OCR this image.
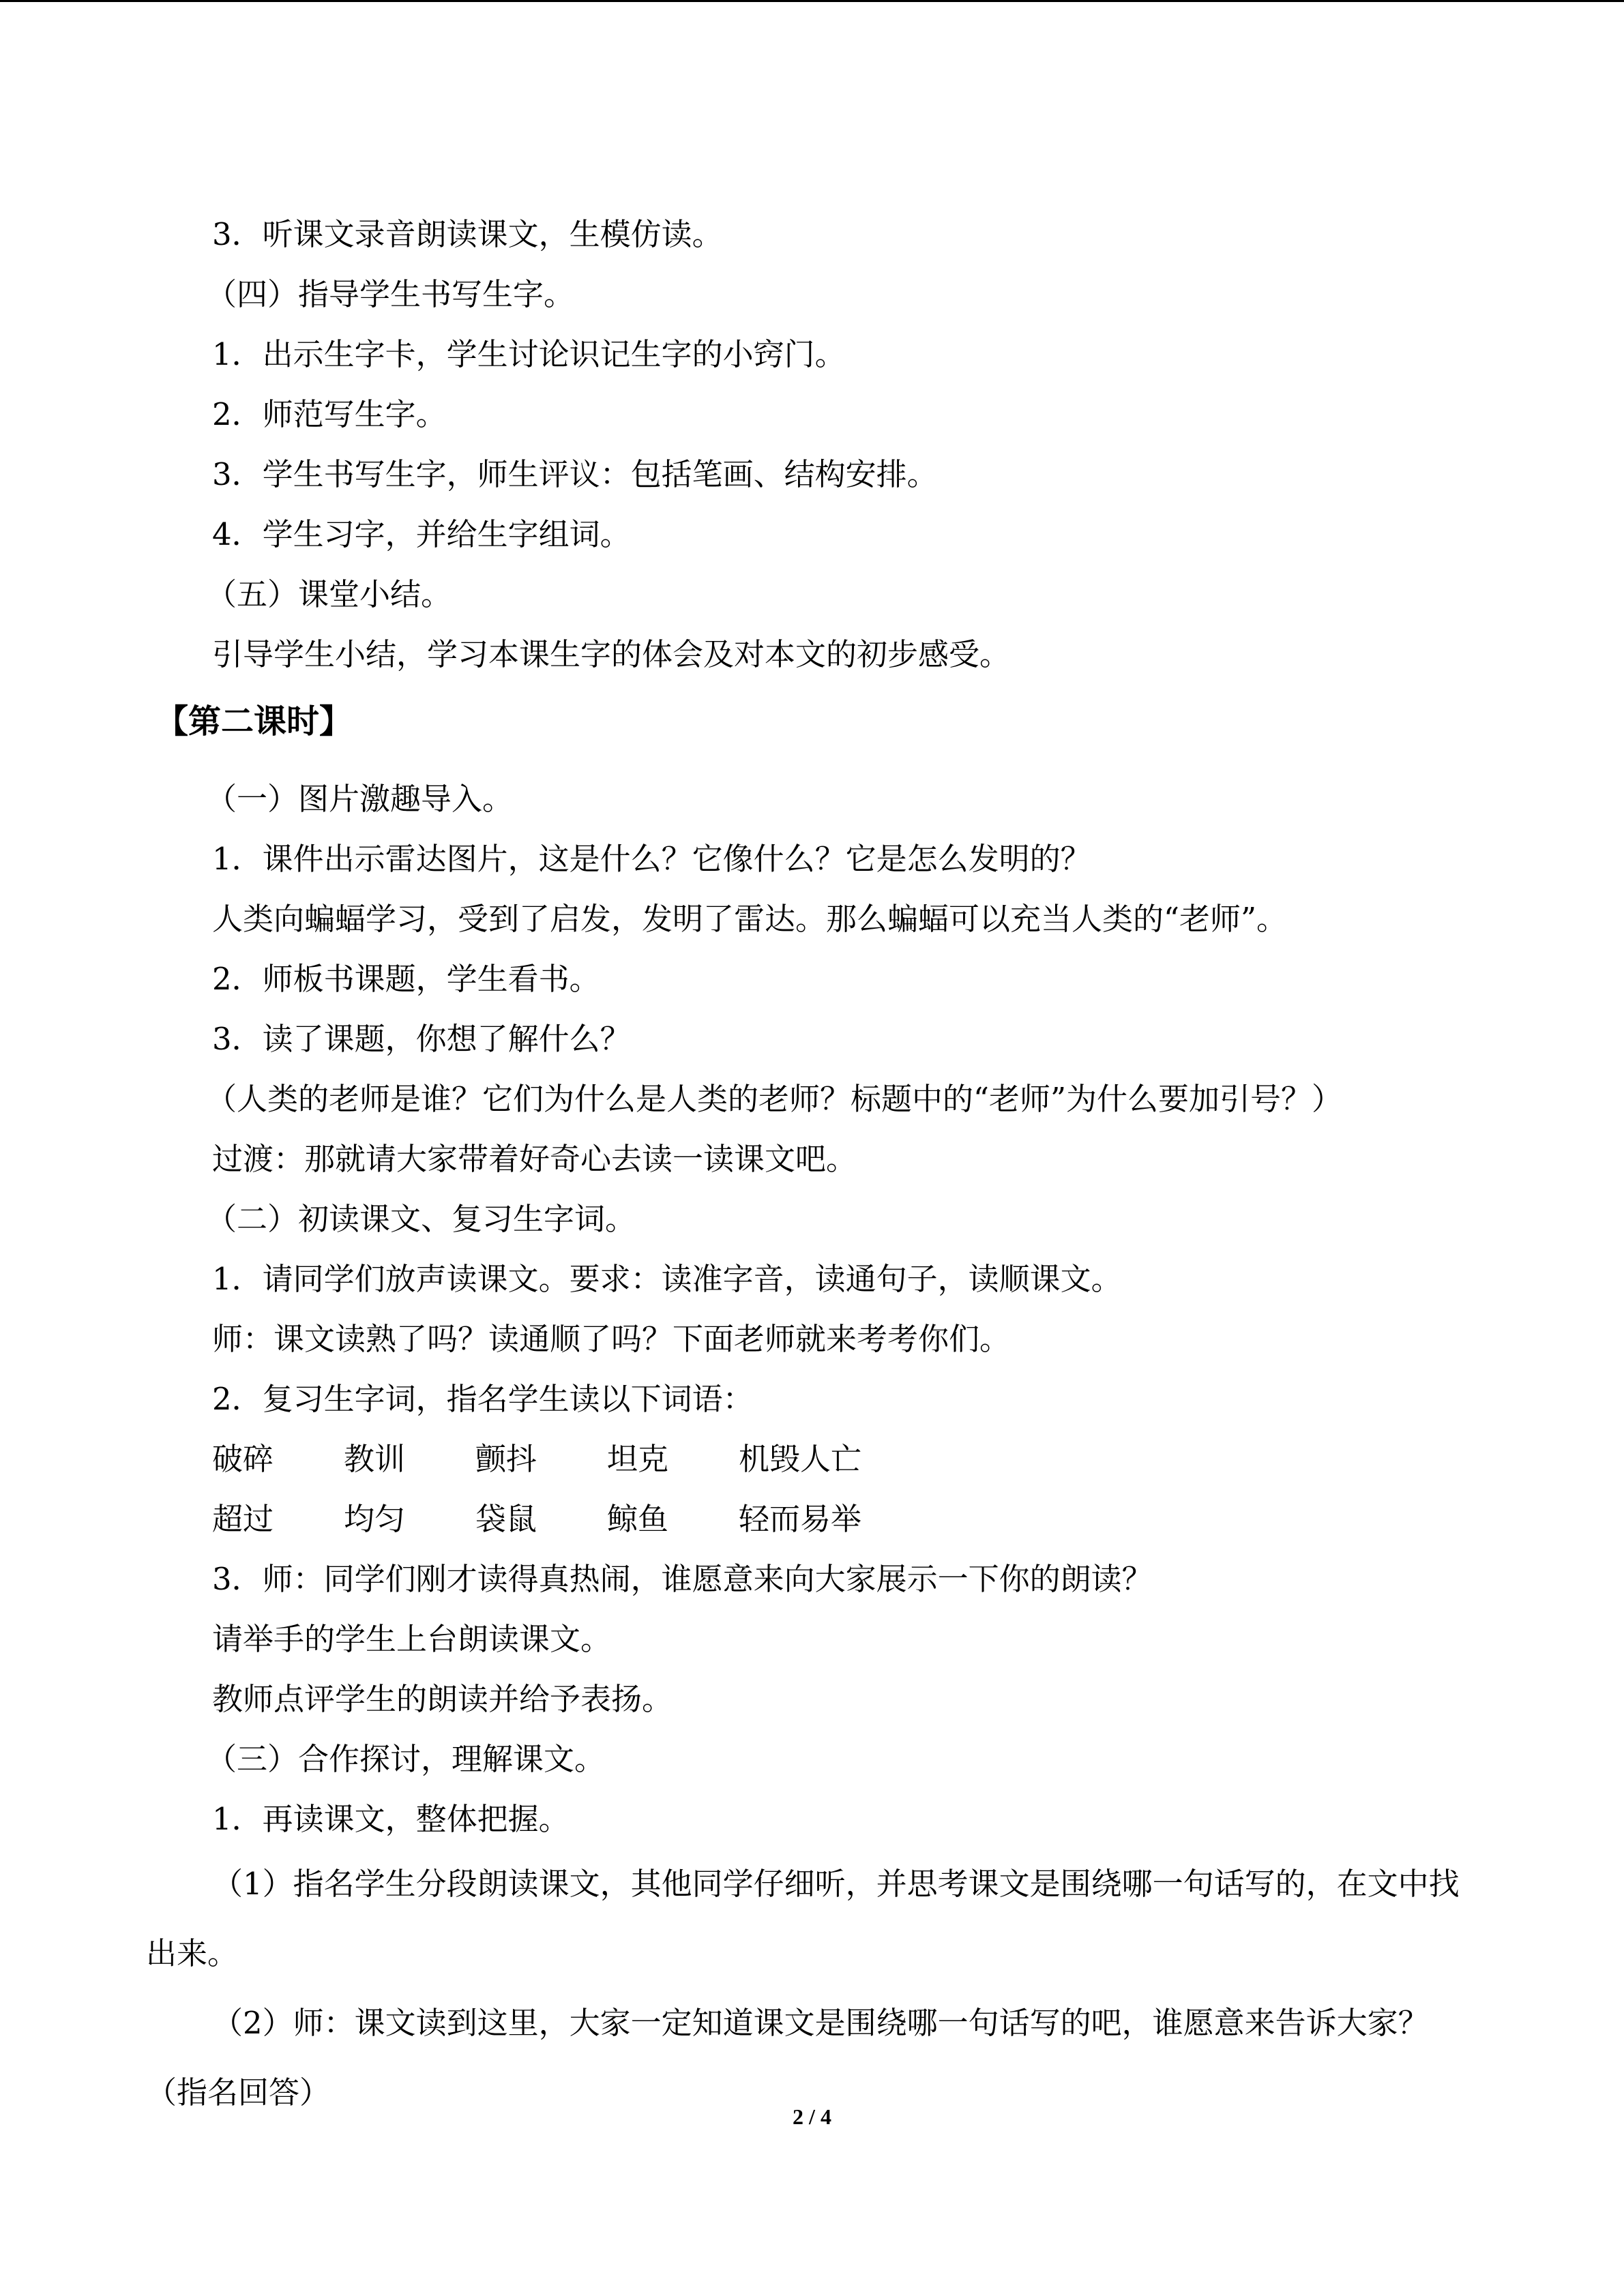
3．听课文录音朗读课文，生模仿读。
（四）指导学生书写生字。
1．出示生字卡，学生讨论识记生字的小窍门。
2．师范写生字。
3．学生书写生字，师生评议：包括笔画、结构安排。
4．学生习字，并给生字组词。
（五）课堂小结。
引导学生小结，学习本课生字的体会及对本文的初步感受。
【第二课时】
（一）图片激趣导入。
1．课件出示雷达图片，这是什么？它像什么？它是怎么发明的？
人类向蝙蝠学习，受到了启发，发明了雷达。那么蝙蝠可以充当人类的“老师”。
2．师板书课题，学生看书。
3．读了课题，你想了解什么？
（人类的老师是谁？它们为什么是人类的老师？标题中的“老师”为什么要加引号？）
过渡：那就请大家带着好奇心去读一读课文吧。
（二）初读课文、复习生字词。
1．请同学们放声读课文。要求：读准字音，读通句子，读顺课文。
师：课文读熟了吗？读通顺了吗？下面老师就来考考你们。
2．复习生字词，指名学生读以下词语：
破碎	教训	颤抖	坦克	机毁人亡
超过	均匀	袋鼠	鲸鱼	轻而易举
3．师：同学们刚才读得真热闹，谁愿意来向大家展示一下你的朗读？
请举手的学生上台朗读课文。
教师点评学生的朗读并给予表扬。
（三）合作探讨，理解课文。
1．再读课文，整体把握。
（1）指名学生分段朗读课文，其他同学仔细听，并思考课文是围绕哪一句话写的，在文中找出来。
（2）师：课文读到这里，大家一定知道课文是围绕哪一句话写的吧，谁愿意来告诉大家？（指名回答）
2 / 4
